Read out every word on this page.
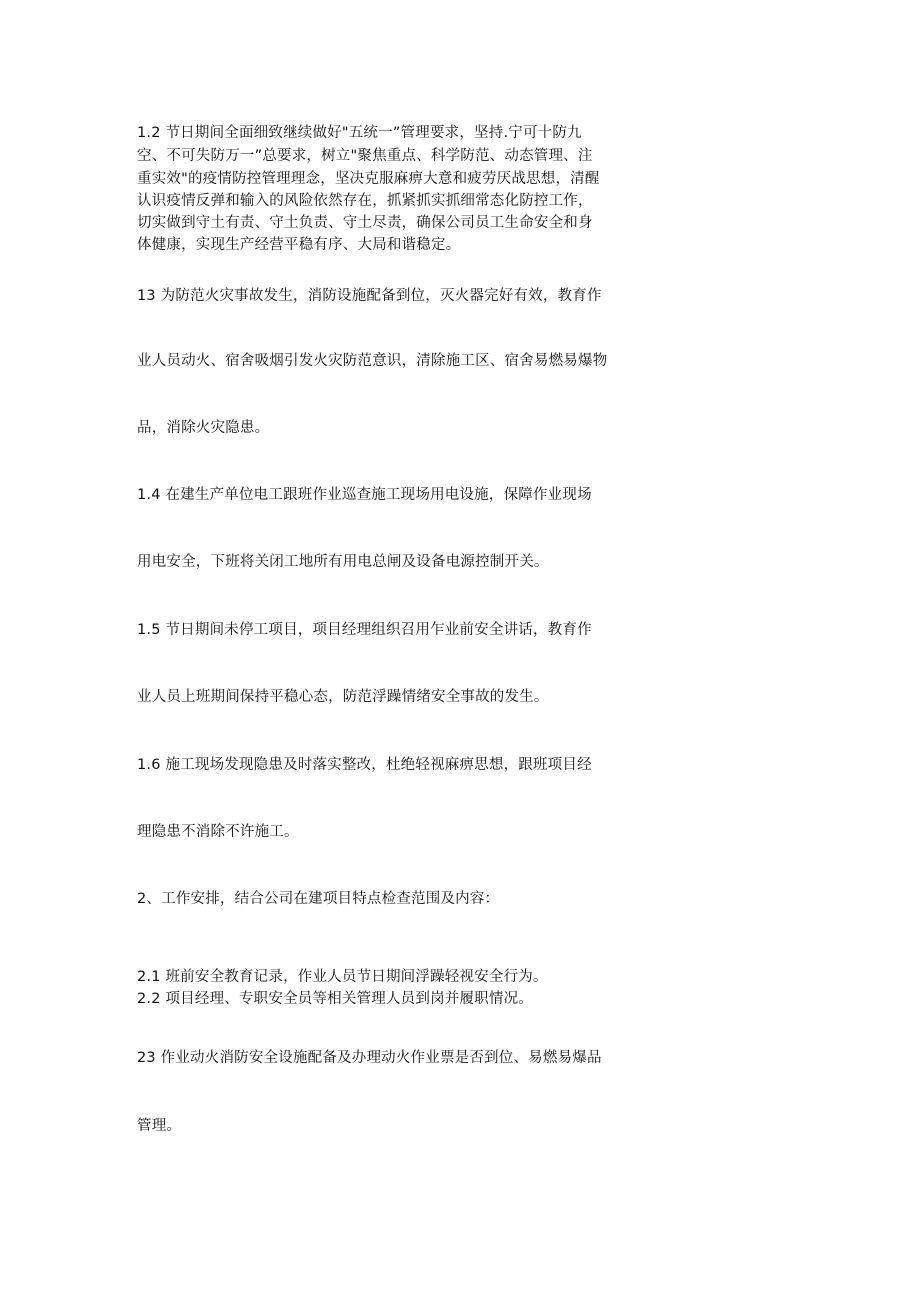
1.2 节日期间全面细致继续做好"五统一”管理要求，坚持.宁可十防九
空、不可失防万一”总要求，树立"聚焦重点、科学防范、动态管理、注
重实效"的疫情防控管理理念，坚决克服麻痹大意和疲劳厌战思想，清醒
认识疫情反弹和输入的风险依然存在，抓紧抓实抓细常态化防控工作，
切实做到守土有责、守土负责、守土尽责，确保公司员工生命安全和身
体健康，实现生产经营平稳有序、大局和谐稳定。
13 为防范火灾事故发生，消防设施配备到位，灭火器完好有效，教育作
业人员动火、宿舍吸烟引发火灾防范意识，清除施工区、宿舍易燃易爆物
品，消除火灾隐患。
1.4 在建生产单位电工跟班作业巡查施工现场用电设施，保障作业现场
用电安全，下班将关闭工地所有用电总闸及设备电源控制开关。
1.5 节日期间未停工项目，项目经理组织召用乍业前安全讲话，教育作
业人员上班期间保持平稳心态，防范浮躁情绪安全事故的发生。
1.6 施工现场发现隐患及时落实整改，杜绝轻视麻痹思想，跟班项目经
理隐患不消除不许施工。
2、工作安排，结合公司在建项目特点检查范围及内容：
2.1 班前安全教育记录，作业人员节日期间浮躁轻视安全行为。
2.2 项目经理、专职安全员等相关管理人员到岗并履职情况。
23 作业动火消防安全设施配备及办理动火作业票是否到位、易燃易爆品
管理。
